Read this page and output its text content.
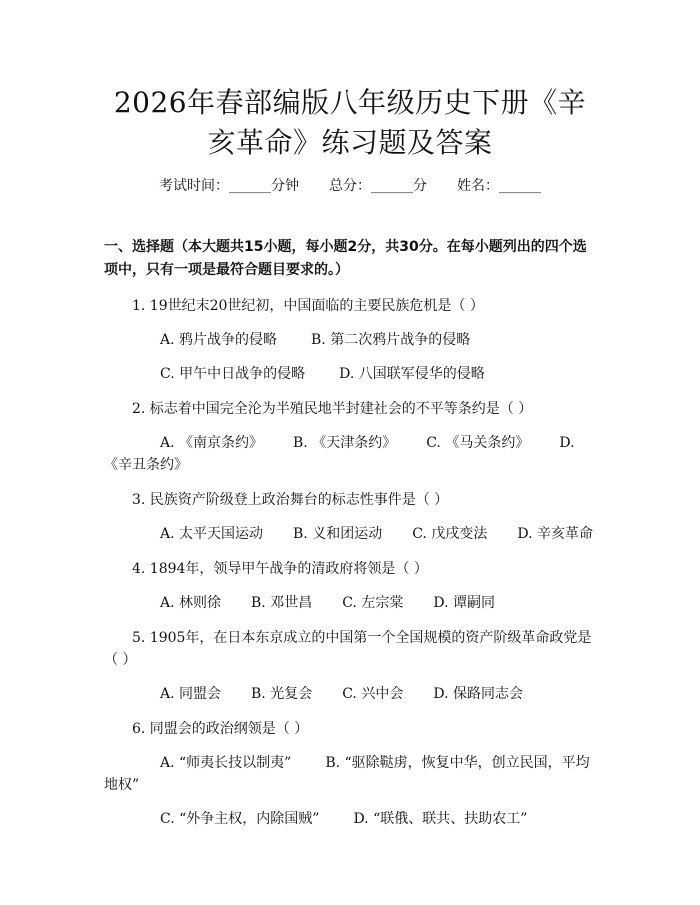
2026年春部编版八年级历史下册《辛亥革命》练习题及答案
考试时间：______分钟 总分：______分 姓名：______
一、选择题（本大题共15小题，每小题2分，共30分。在每小题列出的四个选项中，只有一项是最符合题目要求的。）

1. 19世纪末20世纪初，中国面临的主要民族危机是（ ）

A. 鸦片战争的侵略 B. 第二次鸦片战争的侵略

C. 甲午中日战争的侵略 D. 八国联军侵华的侵略

2. 标志着中国完全沦为半殖民地半封建社会的不平等条约是（ ）

A. 《南京条约》 B. 《天津条约》 C. 《马关条约》 D. 《辛丑条约》

3. 民族资产阶级登上政治舞台的标志性事件是（ ）

A. 太平天国运动 B. 义和团运动 C. 戊戌变法 D. 辛亥革命

4. 1894年，领导甲午战争的清政府将领是（ ）

A. 林则徐 B. 邓世昌 C. 左宗棠 D. 谭嗣同

5. 1905年，在日本东京成立的中国第一个全国规模的资产阶级革命政党是（ ）

A. 同盟会 B. 光复会 C. 兴中会 D. 保路同志会

6. 同盟会的政治纲领是（ ）

A. “师夷长技以制夷” B. “驱除鞑虏，恢复中华，创立民国，平均地权”

C. “外争主权，内除国贼” D. “联俄、联共、扶助农工”
